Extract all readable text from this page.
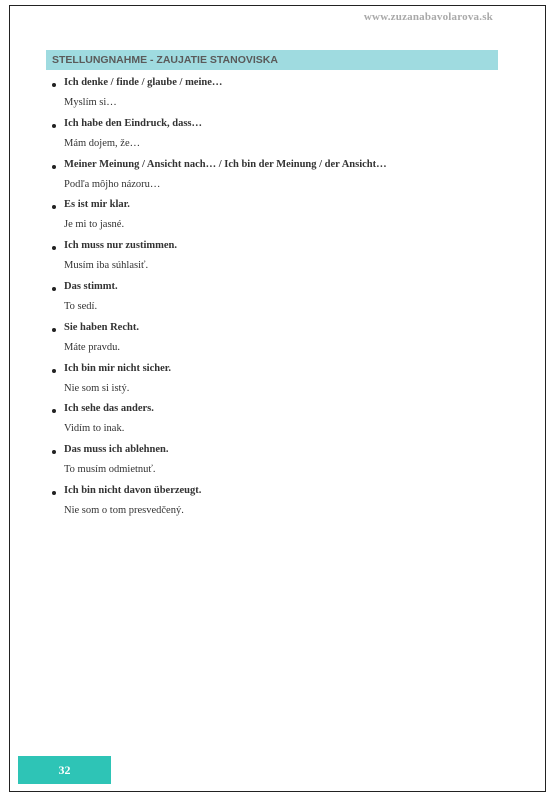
www.zuzanabavolarova.sk
STELLUNGNAHME - ZAUJATIE STANOVISKA
Ich denke / finde / glaube / meine…
Myslím si…
Ich habe den Eindruck, dass…
Mám dojem, že…
Meiner Meinung / Ansicht nach… / Ich bin der Meinung / der Ansicht…
Podľa môjho názoru…
Es ist mir klar.
Je mi to jasné.
Ich muss nur zustimmen.
Musím iba súhlasiť.
Das stimmt.
To sedí.
Sie haben Recht.
Máte pravdu.
Ich bin mir nicht sicher.
Nie som si istý.
Ich sehe das anders.
Vidím to inak.
Das muss ich ablehnen.
To musím odmietnuť.
Ich bin nicht davon überzeugt.
Nie som o tom presvedčený.
32
